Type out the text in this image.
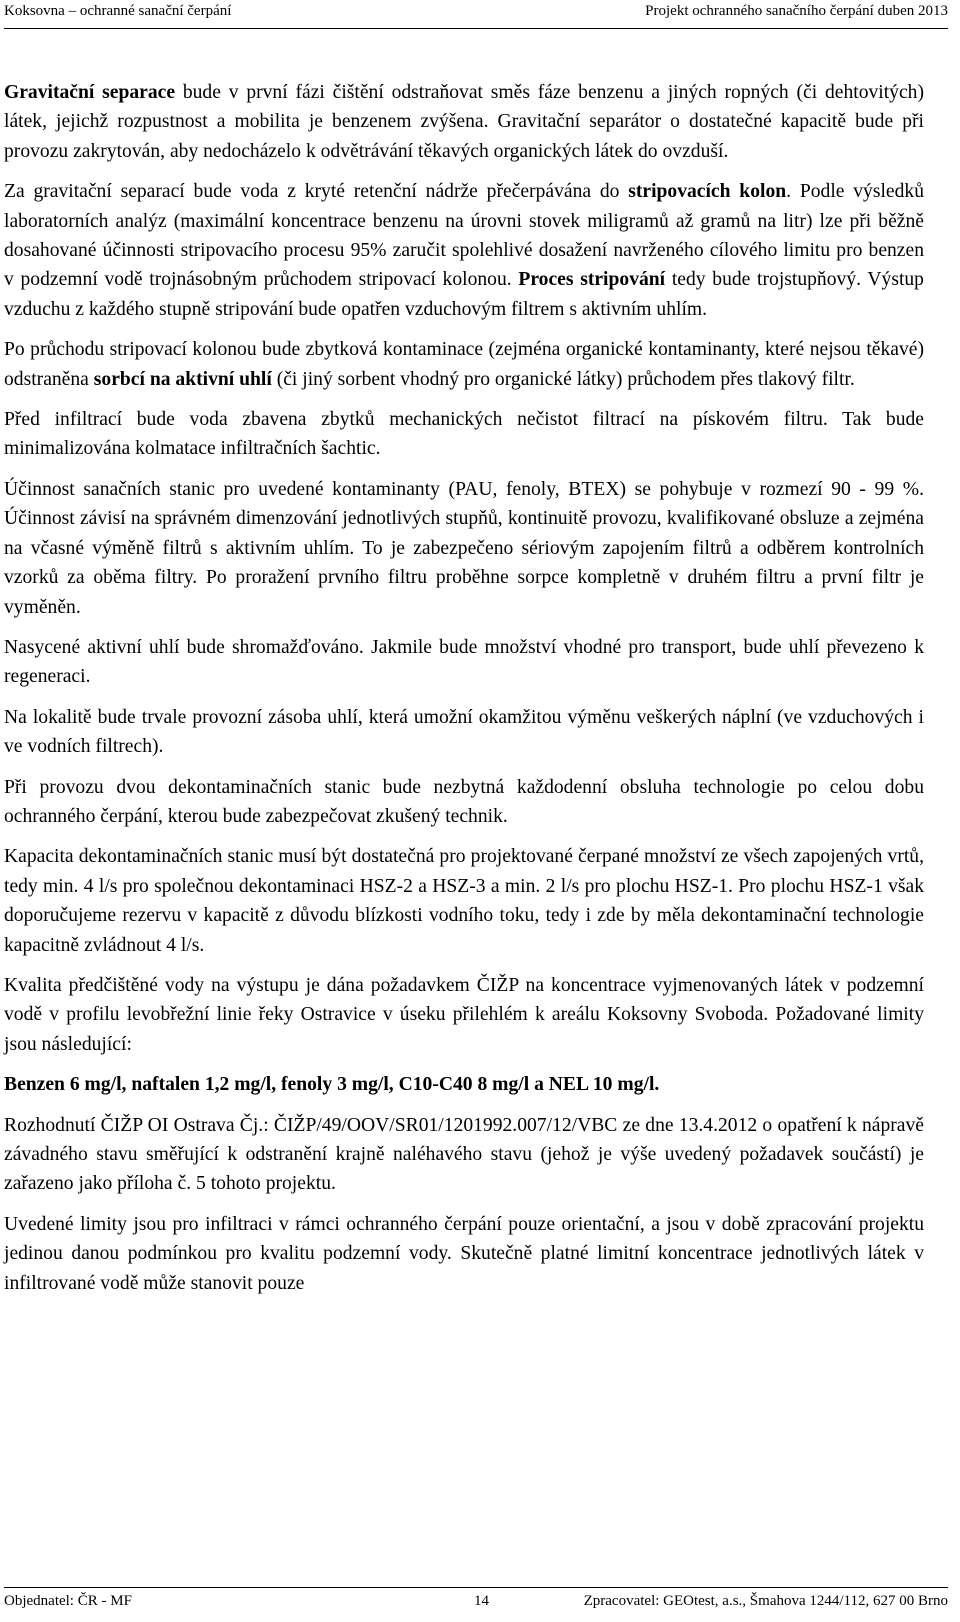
Koksovna – ochranné sanační čerpání	Projekt ochranného sanačního čerpání duben 2013

Gravitační separace bude v první fázi čištění odstraňovat směs fáze benzenu a jiných ropných (či dehtovitých) látek, jejichž rozpustnost a mobilita je benzenem zvýšena. Gravitační separátor o dostatečné kapacitě bude při provozu zakrytován, aby nedocházelo k odvětrávání těkavých organických látek do ovzduší.

Za gravitační separací bude voda z kryté retenční nádrže přečerpávána do stripovacích kolon. Podle výsledků laboratorních analýz (maximální koncentrace benzenu na úrovni stovek miligramů až gramů na litr) lze při běžně dosahované účinnosti stripovacího procesu 95% zaručit spolehlivé dosažení navrženého cílového limitu pro benzen v podzemní vodě trojnásobným průchodem stripovací kolonou. Proces stripování tedy bude trojstupňový. Výstup vzduchu z každého stupně stripování bude opatřen vzduchovým filtrem s aktivním uhlím.

Po průchodu stripovací kolonou bude zbytková kontaminace (zejména organické kontaminanty, které nejsou těkavé) odstraněna sorbcí na aktivní uhlí (či jiný sorbent vhodný pro organické látky) průchodem přes tlakový filtr.

Před infiltrací bude voda zbavena zbytků mechanických nečistot filtrací na pískovém filtru. Tak bude minimalizována kolmatace infiltračních šachtic.

Účinnost sanačních stanic pro uvedené kontaminanty (PAU, fenoly, BTEX) se pohybuje v rozmezí 90 - 99 %. Účinnost závisí na správném dimenzování jednotlivých stupňů, kontinuitě provozu, kvalifikované obsluze a zejména na včasné výměně filtrů s aktivním uhlím. To je zabezpečeno sériovým zapojením filtrů a odběrem kontrolních vzorků za oběma filtry. Po proražení prvního filtru proběhne sorpce kompletně v druhém filtru a první filtr je vyměněn.

Nasycené aktivní uhlí bude shromažďováno. Jakmile bude množství vhodné pro transport, bude uhlí převezeno k regeneraci.

Na lokalitě bude trvale provozní zásoba uhlí, která umožní okamžitou výměnu veškerých náplní (ve vzduchových i ve vodních filtrech).

Při provozu dvou dekontaminačních stanic bude nezbytná každodenní obsluha technologie po celou dobu ochranného čerpání, kterou bude zabezpečovat zkušený technik.

Kapacita dekontaminačních stanic musí být dostatečná pro projektované čerpané množství ze všech zapojených vrtů, tedy min. 4 l/s pro společnou dekontaminaci HSZ-2 a HSZ-3 a min. 2 l/s pro plochu HSZ-1. Pro plochu HSZ-1 však doporučujeme rezervu v kapacitě z důvodu blízkosti vodního toku, tedy i zde by měla dekontaminační technologie kapacitně zvládnout 4 l/s.

Kvalita předčištěné vody na výstupu je dána požadavkem ČIŽP na koncentrace vyjmenovaných látek v podzemní vodě v profilu levobřežní linie řeky Ostravice v úseku přilehlém k areálu Koksovny Svoboda. Požadované limity jsou následující:

Benzen 6 mg/l, naftalen 1,2 mg/l, fenoly 3 mg/l, C10-C40 8 mg/l a NEL 10 mg/l.

Rozhodnutí ČIŽP OI Ostrava Čj.: ČIŽP/49/OOV/SR01/1201992.007/12/VBC ze dne 13.4.2012 o opatření k nápravě závadného stavu směřující k odstranění krajně naléhavého stavu (jehož je výše uvedený požadavek součástí) je zařazeno jako příloha č. 5 tohoto projektu.

Uvedené limity jsou pro infiltraci v rámci ochranného čerpání pouze orientační, a jsou v době zpracování projektu jedinou danou podmínkou pro kvalitu podzemní vody. Skutečně platné limitní koncentrace jednotlivých látek v infiltrované vodě může stanovit pouze

Objednatel: ČR - MF	14	Zpracovatel: GEOtest, a.s., Šmahova 1244/112, 627 00 Brno
